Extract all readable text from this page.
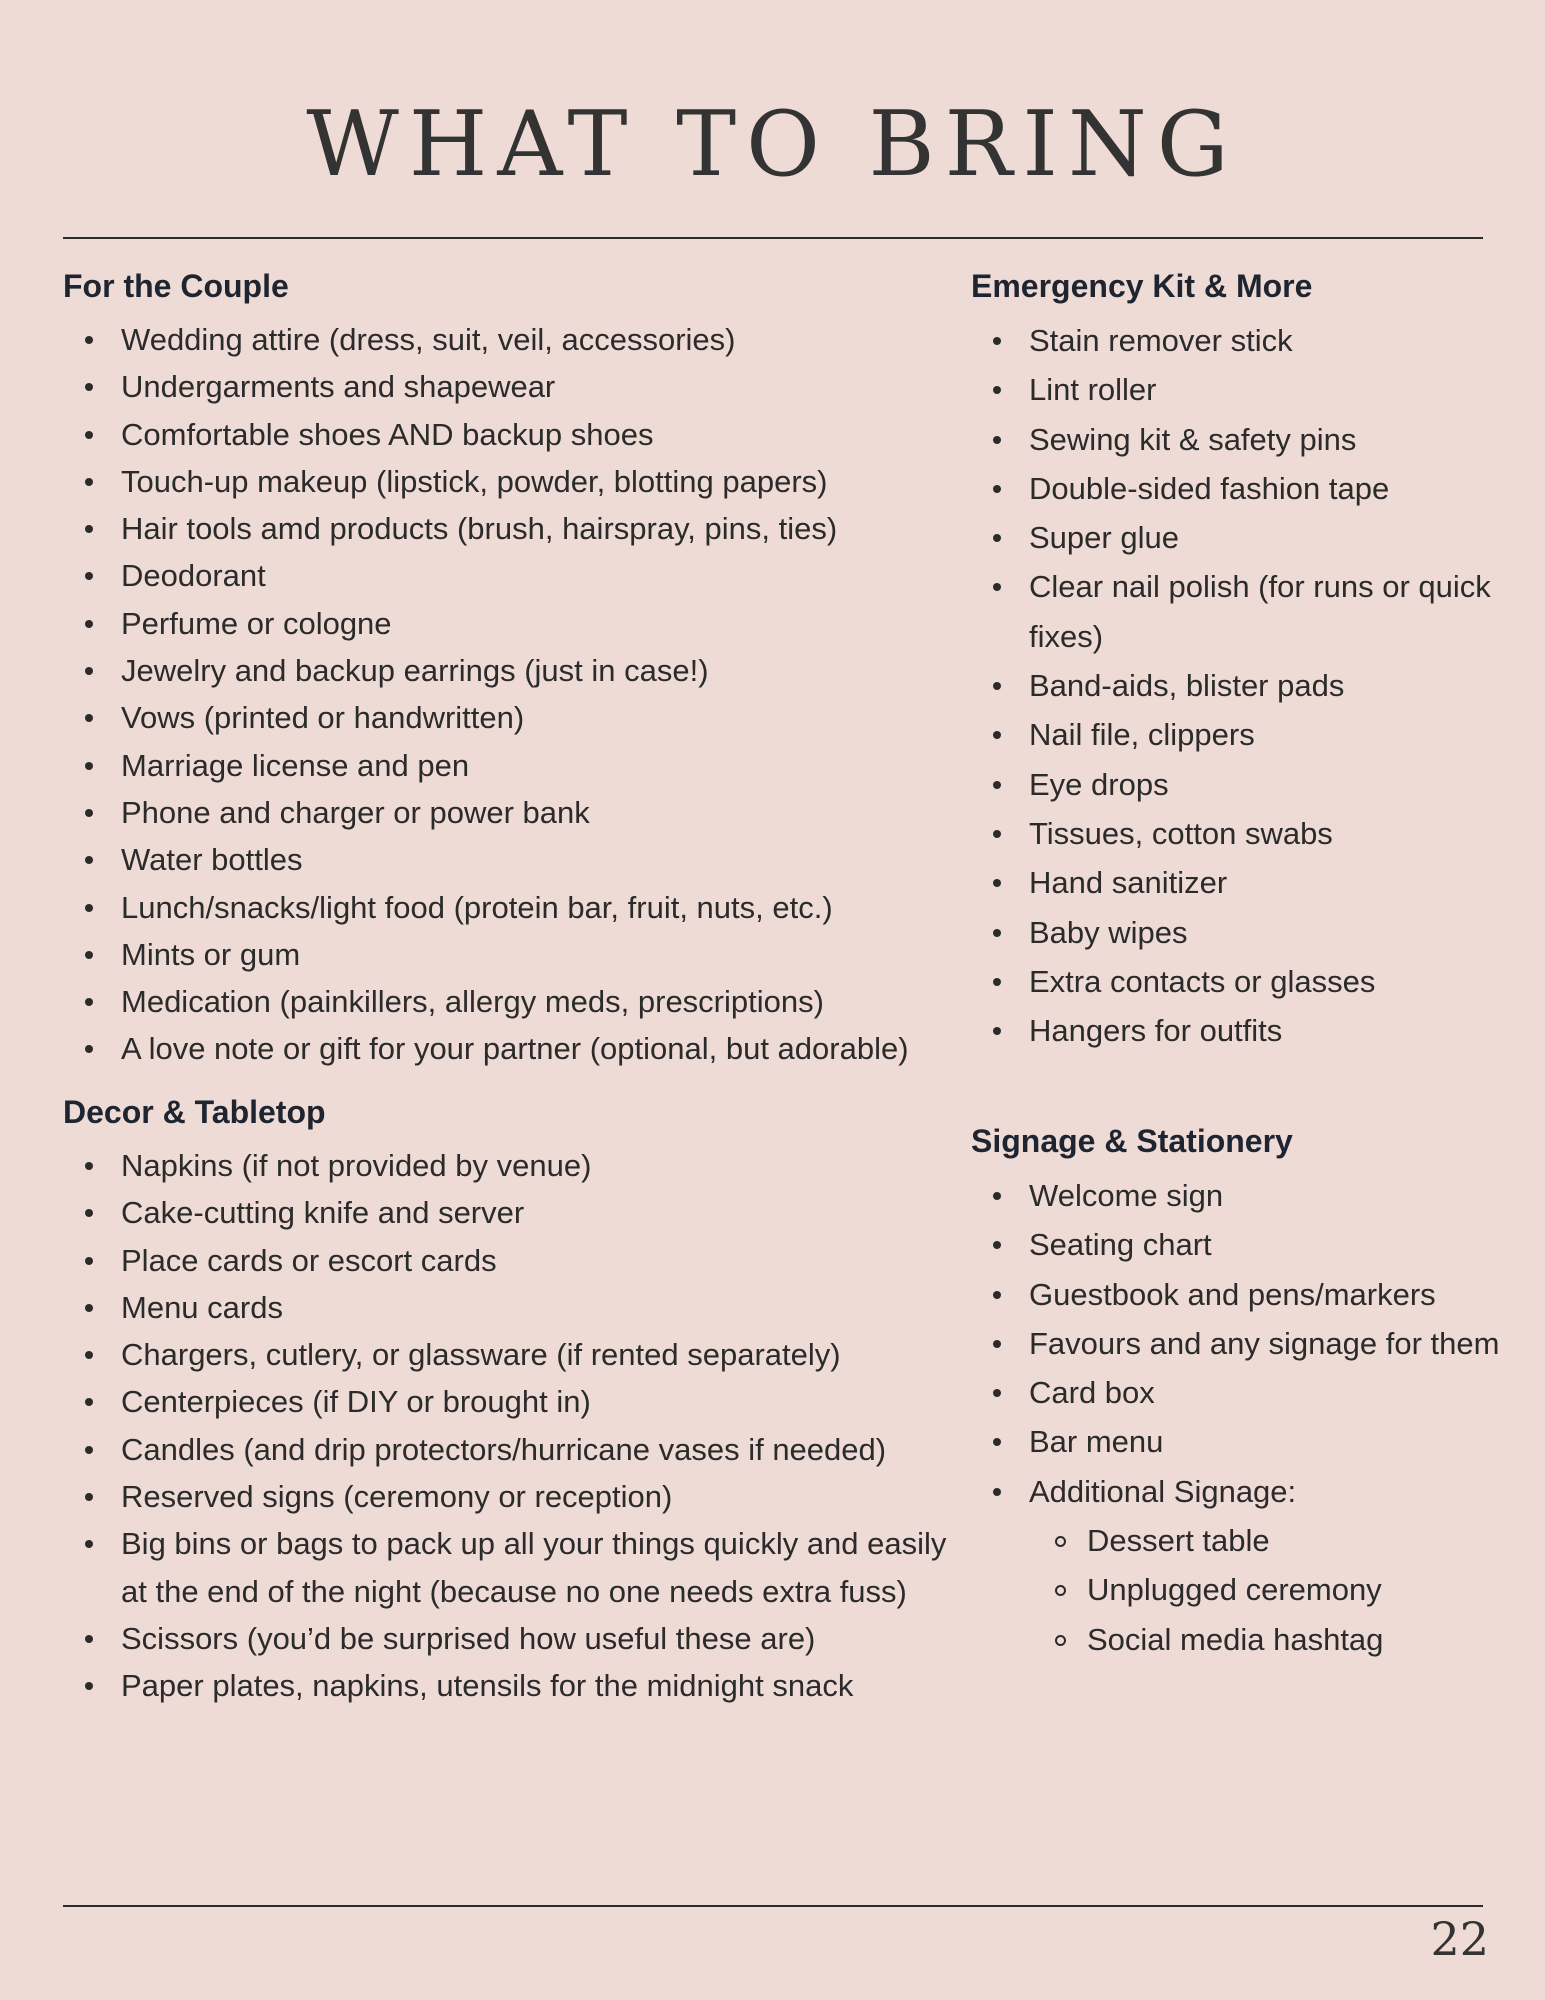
WHAT TO BRING
For the Couple
Wedding attire (dress, suit, veil, accessories)
Undergarments and shapewear
Comfortable shoes AND backup shoes
Touch-up makeup (lipstick, powder, blotting papers)
Hair tools amd products (brush, hairspray, pins, ties)
Deodorant
Perfume or cologne
Jewelry and backup earrings (just in case!)
Vows (printed or handwritten)
Marriage license and pen
Phone and charger or power bank
Water bottles
Lunch/snacks/light food (protein bar, fruit, nuts, etc.)
Mints or gum
Medication (painkillers, allergy meds, prescriptions)
A love note or gift for your partner (optional, but adorable)
Decor & Tabletop
Napkins (if not provided by venue)
Cake-cutting knife and server
Place cards or escort cards
Menu cards
Chargers, cutlery, or glassware (if rented separately)
Centerpieces (if DIY or brought in)
Candles (and drip protectors/hurricane vases if needed)
Reserved signs (ceremony or reception)
Big bins or bags to pack up all your things quickly and easily at the end of the night (because no one needs extra fuss)
Scissors (you’d be surprised how useful these are)
Paper plates, napkins, utensils for the midnight snack
Emergency Kit & More
Stain remover stick
Lint roller
Sewing kit & safety pins
Double-sided fashion tape
Super glue
Clear nail polish (for runs or quick fixes)
Band-aids, blister pads
Nail file, clippers
Eye drops
Tissues, cotton swabs
Hand sanitizer
Baby wipes
Extra contacts or glasses
Hangers for outfits
Signage & Stationery
Welcome sign
Seating chart
Guestbook and pens/markers
Favours and any signage for them
Card box
Bar menu
Additional Signage:
Dessert table
Unplugged ceremony
Social media hashtag
22
